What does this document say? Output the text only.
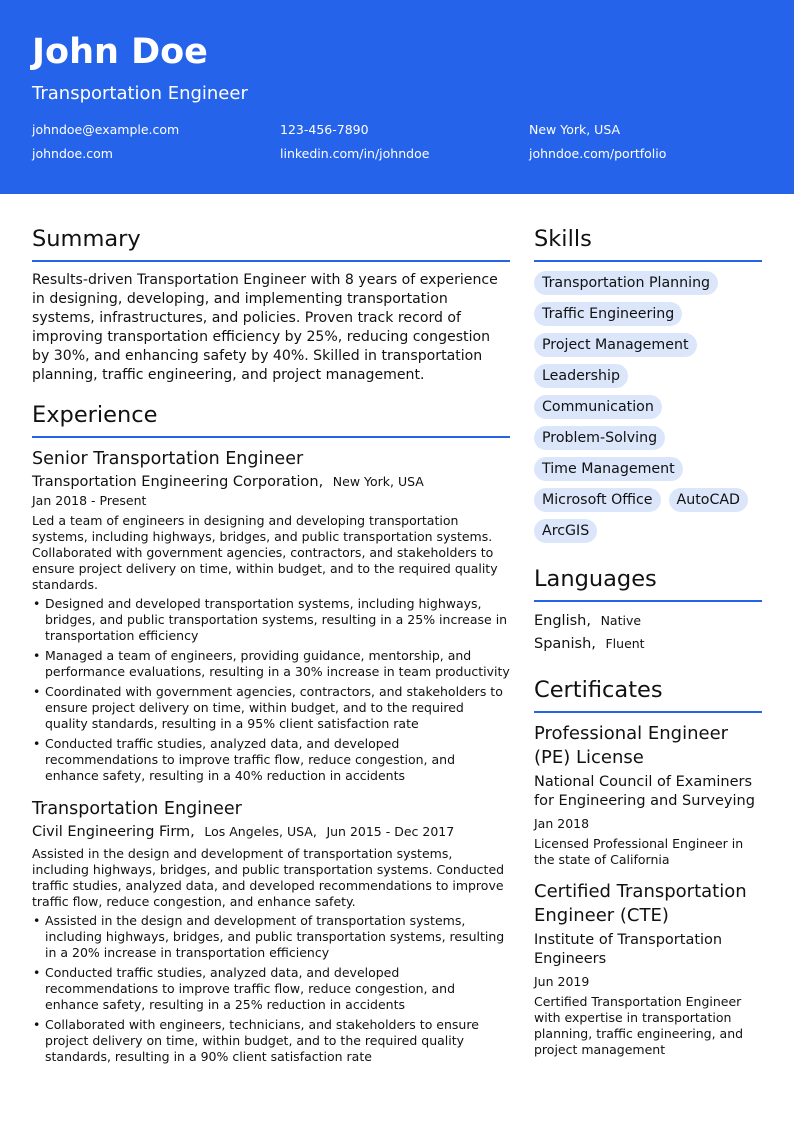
John Doe
Transportation Engineer
johndoe@example.com	123-456-7890	New York, USA
johndoe.com	linkedin.com/in/johndoe	johndoe.com/portfolio
Summary

Results-driven Transportation Engineer with 8 years of experience in designing, developing, and implementing transportation systems, infrastructures, and policies. Proven track record of improving transportation efficiency by 25%, reducing congestion by 30%, and enhancing safety by 40%. Skilled in transportation planning, traffic engineering, and project management.

Experience
Senior Transportation Engineer
Transportation Engineering Corporation, New York, USA
Jan 2018 - Present

Led a team of engineers in designing and developing transportation systems, including highways, bridges, and public transportation systems. Collaborated with government agencies, contractors, and stakeholders to ensure project delivery on time, within budget, and to the required quality standards.

• Designed and developed transportation systems, including highways, bridges, and public transportation systems, resulting in a 25% increase in transportation efficiency
• Managed a team of engineers, providing guidance, mentorship, and performance evaluations, resulting in a 30% increase in team productivity
• Coordinated with government agencies, contractors, and stakeholders to ensure project delivery on time, within budget, and to the required quality standards, resulting in a 95% client satisfaction rate
• Conducted traffic studies, analyzed data, and developed recommendations to improve traffic flow, reduce congestion, and enhance safety, resulting in a 40% reduction in accidents
Transportation Engineer
Civil Engineering Firm, Los Angeles, USA, Jun 2015 - Dec 2017

Assisted in the design and development of transportation systems, including highways, bridges, and public transportation systems. Conducted traffic studies, analyzed data, and developed recommendations to improve traffic flow, reduce congestion, and enhance safety.

• Assisted in the design and development of transportation systems, including highways, bridges, and public transportation systems, resulting in a 20% increase in transportation efficiency
• Conducted traffic studies, analyzed data, and developed recommendations to improve traffic flow, reduce congestion, and enhance safety, resulting in a 25% reduction in accidents
• Collaborated with engineers, technicians, and stakeholders to ensure project delivery on time, within budget, and to the required quality standards, resulting in a 90% client satisfaction rate
Skills
Transportation Planning
Traffic Engineering
Project Management
Leadership
Communication
Problem-Solving
Time Management
Microsoft Office	AutoCAD
ArcGIS
Languages
English, Native
Spanish, Fluent
Certificates
Professional Engineer (PE) License
National Council of Examiners for Engineering and Surveying
Jan 2018
Licensed Professional Engineer in the state of California
Certified Transportation Engineer (CTE)
Institute of Transportation Engineers
Jun 2019
Certified Transportation Engineer with expertise in transportation planning, traffic engineering, and project management
